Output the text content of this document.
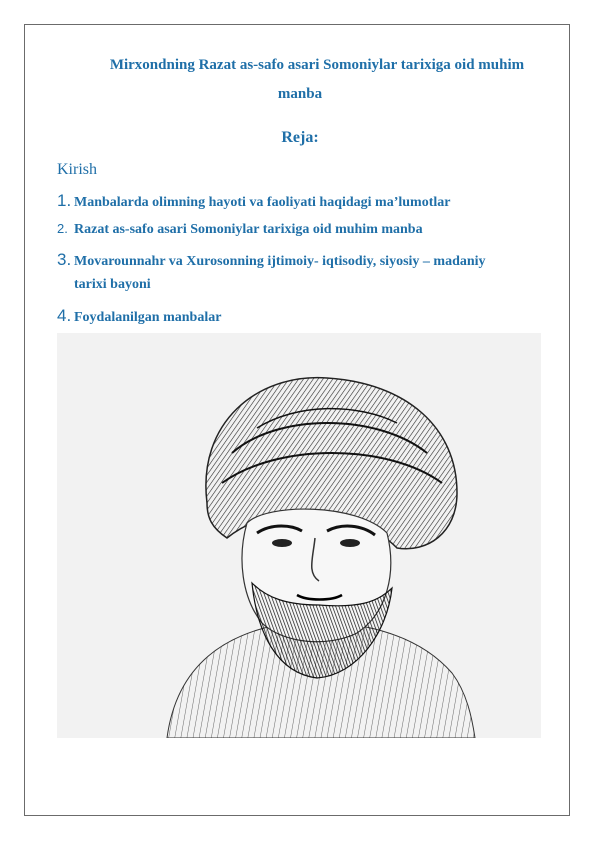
Mirxondning Razat as-safo asari Somoniylar tarixiga oid muhim
manba
Reja:
Kirish
1. Manbalarda olimning hayoti va faoliyati haqidagi ma’lumotlar
2. Razat as-safo asari Somoniylar tarixiga oid muhim manba
3. Movarounnahr va Xurosonning ijtimoiy- iqtisodiy, siyosiy – madaniy
tarixi bayoni
4. Foydalanilgan manbalar
